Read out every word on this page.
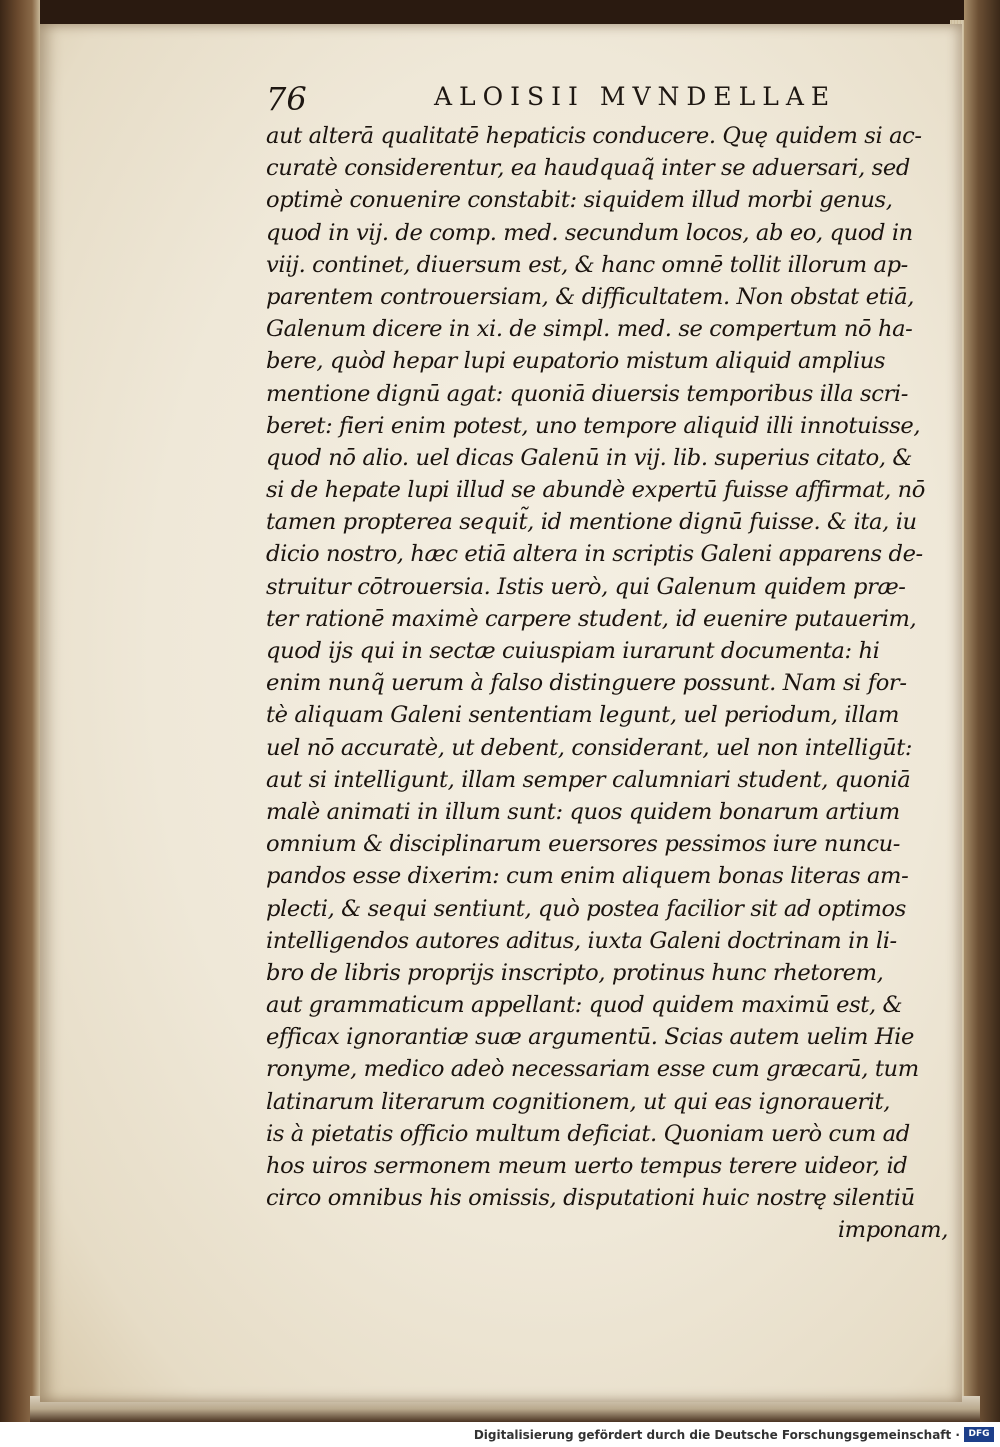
76	ALOISII MVNDELLAE
aut alterā qualitatē hepaticis conducere. Quę quidem si ac-
curatè considerentur, ea haudquaq̃ inter se aduersari, sed
optimè conuenire constabit: siquidem illud morbi genus,
quod in vij. de comp. med. secundum locos, ab eo, quod in
viij. continet, diuersum est, & hanc omnē tollit illorum ap-
parentem controuersiam, & difficultatem. Non obstat etiā,
Galenum dicere in xi. de simpl. med. se compertum nō ha-
bere, quòd hepar lupi eupatorio mistum aliquid amplius
mentione dignū agat: quoniā diuersis temporibus illa scri-
beret: fieri enim potest, uno tempore aliquid illi innotuisse,
quod nō alio. uel dicas Galenū in vij. lib. superius citato, &
si de hepate lupi illud se abundè expertū fuisse affirmat, nō
tamen propterea sequit̃, id mentione dignū fuisse. & ita, iu
dicio nostro, hæc etiā altera in scriptis Galeni apparens de-
struitur cōtrouersia. Istis uerò, qui Galenum quidem præ-
ter rationē maximè carpere student, id euenire putauerim,
quod ijs qui in sectæ cuiuspiam iurarunt documenta: hi
enim nunq̃ uerum à falso distinguere possunt. Nam si for-
tè aliquam Galeni sententiam legunt, uel periodum, illam
uel nō accuratè, ut debent, considerant, uel non intelligūt:
aut si intelligunt, illam semper calumniari student, quoniā
malè animati in illum sunt: quos quidem bonarum artium
omnium & disciplinarum euersores pessimos iure nuncu-
pandos esse dixerim: cum enim aliquem bonas literas am-
plecti, & sequi sentiunt, quò postea facilior sit ad optimos
intelligendos autores aditus, iuxta Galeni doctrinam in li-
bro de libris proprijs inscripto, protinus hunc rhetorem,
aut grammaticum appellant: quod quidem maximū est, &
efficax ignorantiæ suæ argumentū. Scias autem uelim Hie
ronyme, medico adeò necessariam esse cum græcarū, tum
latinarum literarum cognitionem, ut qui eas ignorauerit,
is à pietatis officio multum deficiat. Quoniam uerò cum ad
hos uiros sermonem meum uerto tempus terere uideor, id
circo omnibus his omissis, disputationi huic nostrę silentiū
imponam,
Digitalisierung gefördert durch die Deutsche Forschungsgemeinschaft · DFG
